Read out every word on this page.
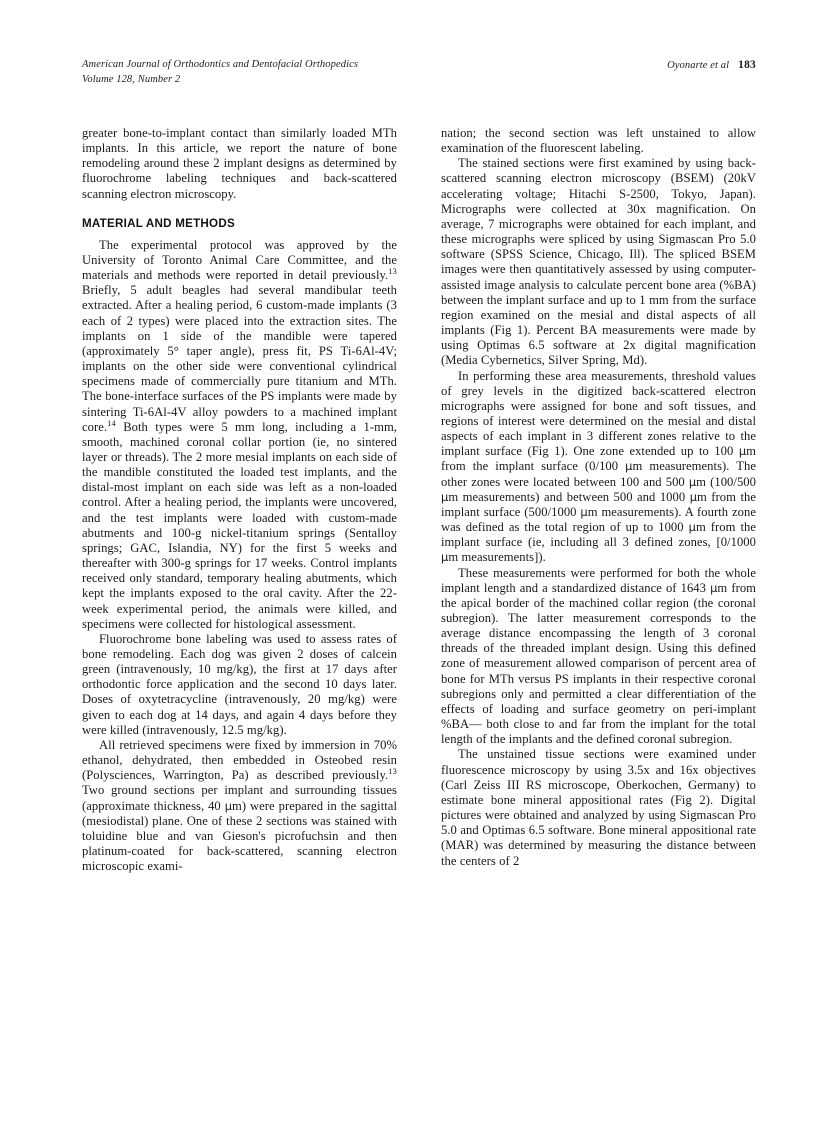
American Journal of Orthodontics and Dentofacial Orthopedics
Volume 128, Number 2
Oyonarte et al 183

greater bone-to-implant contact than similarly loaded MTh implants. In this article, we report the nature of bone remodeling around these 2 implant designs as determined by fluorochrome labeling techniques and back-scattered scanning electron microscopy.

MATERIAL AND METHODS

The experimental protocol was approved by the University of Toronto Animal Care Committee, and the materials and methods were reported in detail previously.$^{13}$ Briefly, 5 adult beagles had several mandibular teeth extracted. After a healing period, 6 custom-made implants (3 each of 2 types) were placed into the extraction sites. The implants on 1 side of the mandible were tapered (approximately 5° taper angle), press fit, PS Ti-6Al-4V; implants on the other side were conventional cylindrical specimens made of commercially pure titanium and MTh. The bone-interface surfaces of the PS implants were made by sintering Ti-6Al-4V alloy powders to a machined implant core.$^{14}$ Both types were 5 mm long, including a 1-mm, smooth, machined coronal collar portion (ie, no sintered layer or threads). The 2 more mesial implants on each side of the mandible constituted the loaded test implants, and the distal-most implant on each side was left as a non-loaded control. After a healing period, the implants were uncovered, and the test implants were loaded with custom-made abutments and 100-g nickel-titanium springs (Sentalloy springs; GAC, Islandia, NY) for the first 5 weeks and thereafter with 300-g springs for 17 weeks. Control implants received only standard, temporary healing abutments, which kept the implants exposed to the oral cavity. After the 22-week experimental period, the animals were killed, and specimens were collected for histological assessment.

Fluorochrome bone labeling was used to assess rates of bone remodeling. Each dog was given 2 doses of calcein green (intravenously, 10 mg/kg), the first at 17 days after orthodontic force application and the second 10 days later. Doses of oxytetracycline (intravenously, 20 mg/kg) were given to each dog at 14 days, and again 4 days before they were killed (intravenously, 12.5 mg/kg).

All retrieved specimens were fixed by immersion in 70% ethanol, dehydrated, then embedded in Osteobed resin (Polysciences, Warrington, Pa) as described previously.$^{13}$ Two ground sections per implant and surrounding tissues (approximate thickness, 40 μm) were prepared in the sagittal (mesiodistal) plane. One of these 2 sections was stained with toluidine blue and van Gieson's picrofuchsin and then platinum-coated for back-scattered, scanning electron microscopic exami-

nation; the second section was left unstained to allow examination of the fluorescent labeling.

The stained sections were first examined by using back-scattered scanning electron microscopy (BSEM) (20kV accelerating voltage; Hitachi S-2500, Tokyo, Japan). Micrographs were collected at 30x magnification. On average, 7 micrographs were obtained for each implant, and these micrographs were spliced by using Sigmascan Pro 5.0 software (SPSS Science, Chicago, Ill). The spliced BSEM images were then quantitatively assessed by using computer-assisted image analysis to calculate percent bone area (%BA) between the implant surface and up to 1 mm from the surface region examined on the mesial and distal aspects of all implants (Fig 1). Percent BA measurements were made by using Optimas 6.5 software at 2x digital magnification (Media Cybernetics, Silver Spring, Md).

In performing these area measurements, threshold values of grey levels in the digitized back-scattered electron micrographs were assigned for bone and soft tissues, and regions of interest were determined on the mesial and distal aspects of each implant in 3 different zones relative to the implant surface (Fig 1). One zone extended up to 100 μm from the implant surface (0/100 μm measurements). The other zones were located between 100 and 500 μm (100/500 μm measurements) and between 500 and 1000 μm from the implant surface (500/1000 μm measurements). A fourth zone was defined as the total region of up to 1000 μm from the implant surface (ie, including all 3 defined zones, [0/1000 μm measurements]).

These measurements were performed for both the whole implant length and a standardized distance of 1643 μm from the apical border of the machined collar region (the coronal subregion). The latter measurement corresponds to the average distance encompassing the length of 3 coronal threads of the threaded implant design. Using this defined zone of measurement allowed comparison of percent area of bone for MTh versus PS implants in their respective coronal subregions only and permitted a clear differentiation of the effects of loading and surface geometry on peri-implant %BA— both close to and far from the implant for the total length of the implants and the defined coronal subregion.

The unstained tissue sections were examined under fluorescence microscopy by using 3.5x and 16x objectives (Carl Zeiss III RS microscope, Oberkochen, Germany) to estimate bone mineral appositional rates (Fig 2). Digital pictures were obtained and analyzed by using Sigmascan Pro 5.0 and Optimas 6.5 software. Bone mineral appositional rate (MAR) was determined by measuring the distance between the centers of 2
